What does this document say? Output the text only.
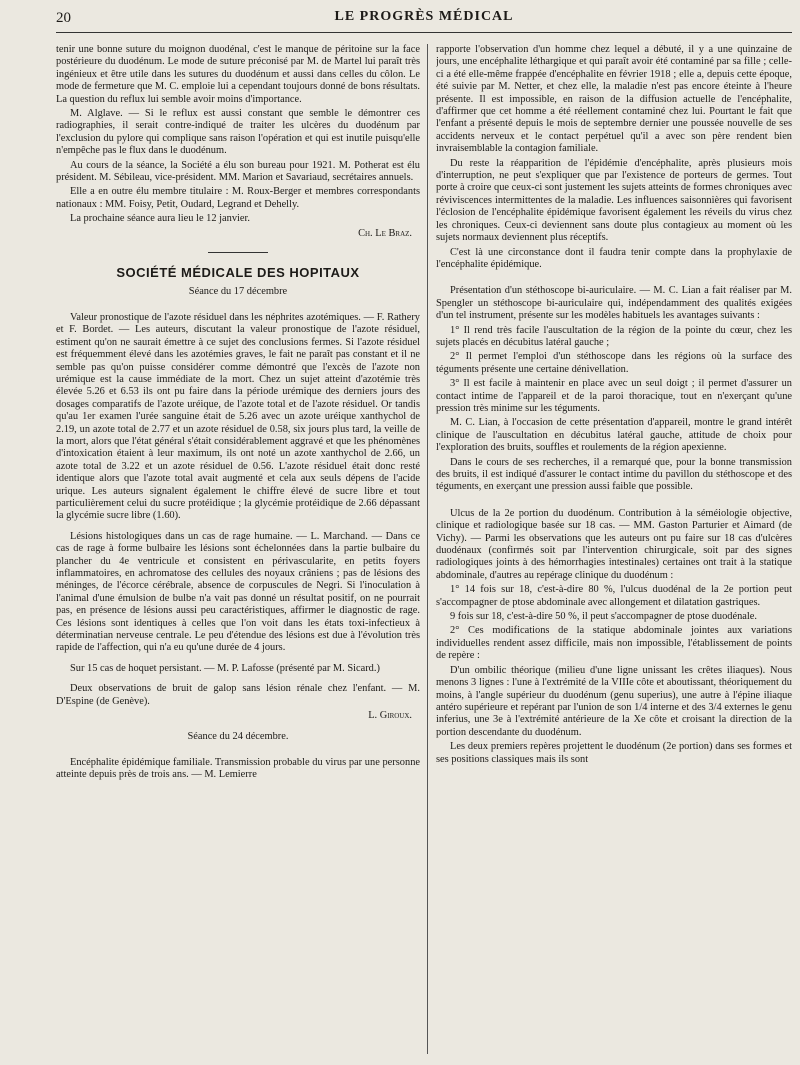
20	LE PROGRÈS MÉDICAL

tenir une bonne suture du moignon duodénal, c'est le manque de péritoine sur la face postérieure du duodénum. Le mode de suture préconisé par M. de Martel lui paraît très ingénieux et être utile dans les sutures du duodénum et aussi dans celles du côlon. Le mode de fermeture que M. C. emploie lui a cependant toujours donné de bons résultats. La question du reflux lui semble avoir moins d'importance.

M. Alglave. — Si le reflux est aussi constant que semble le démontrer ces radiographies, il serait contre-indiqué de traiter les ulcères du duodénum par l'exclusion du pylore qui complique sans raison l'opération et qui est inutile puisqu'elle n'empêche pas le flux dans le duodénum.

Au cours de la séance, la Société a élu son bureau pour 1921. M. Potherat est élu président. M. Sébileau, vice-président. MM. Marion et Savariaud, secrétaires annuels.

Elle a en outre élu membre titulaire : M. Roux-Berger et membres correspondants nationaux : MM. Foisy, Petit, Oudard, Legrand et Dehelly.

La prochaine séance aura lieu le 12 janvier.

Ch. Le Braz.
SOCIÉTÉ MÉDICALE DES HOPITAUX

Séance du 17 décembre

Valeur pronostique de l'azote résiduel dans les néphrites azotémiques. — F. Rathery et F. Bordet. — Les auteurs, discutant la valeur pronostique de l'azote résiduel, estiment qu'on ne saurait émettre à ce sujet des conclusions fermes. Si l'azote résiduel est fréquemment élevé dans les azotémies graves, le fait ne paraît pas constant et il ne semble pas qu'on puisse considérer comme démontré que l'excès de l'azote non urémique est la cause immédiate de la mort. Chez un sujet atteint d'azotémie très élevée 5.26 et 6.53 ils ont pu faire dans la période urémique des derniers jours des dosages comparatifs de l'azote uréique, de l'azote total et de l'azote résiduel. Or tandis qu'au 1er examen l'urée sanguine était de 5.26 avec un azote uréique xanthychol de 2.19, un azote total de 2.77 et un azote résiduel de 0.58, six jours plus tard, la veille de la mort, alors que l'état général s'était considérablement aggravé et que les phénomènes d'intoxication étaient à leur maximum, ils ont noté un azote xanthychol de 2.66, un azote total de 3.22 et un azote résiduel de 0.56. L'azote résiduel était donc resté identique alors que l'azote total avait augmenté et cela aux seuls dépens de l'acide urique. Les auteurs signalent également le chiffre élevé de sucre libre et tout particulièrement celui du sucre protéidique ; la glycémie protéidique de 2.66 dépassant la glycémie sucre libre (1.60).

Lésions histologiques dans un cas de rage humaine. — L. Marchand. — Dans ce cas de rage à forme bulbaire les lésions sont échelonnées dans la partie bulbaire du plancher du 4e ventricule et consistent en périvascularite, en petits foyers inflammatoires, en achromatose des cellules des noyaux crâniens ; pas de lésions des méninges, de l'écorce cérébrale, absence de corpuscules de Negri. Si l'inoculation à l'animal d'une émulsion de bulbe n'a vait pas donné un résultat positif, on ne pourrait pas, en présence de lésions aussi peu caractéristiques, affirmer le diagnostic de rage. Ces lésions sont identiques à celles que l'on voit dans les états toxi-infectieux à déterminatian nerveuse centrale. Le peu d'étendue des lésions est due à l'évolution très rapide de l'affection, qui n'a eu qu'une durée de 4 jours.

Sur 15 cas de hoquet persistant. — M. P. Lafosse (présenté par M. Sicard.)

Deux observations de bruit de galop sans lésion rénale chez l'enfant. — M. D'Espine (de Genève).

L. Giroux.

Séance du 24 décembre.

Encéphalite épidémique familiale. Transmission probable du virus par une personne atteinte depuis près de trois ans. — M. Lemierre

rapporte l'observation d'un homme chez lequel a débuté, il y a une quinzaine de jours, une encéphalite léthargique et qui paraît avoir été contaminé par sa fille ; celle-ci a été elle-même frappée d'encéphalite en février 1918 ; elle a, depuis cette époque, été suivie par M. Netter, et chez elle, la maladie n'est pas encore éteinte à l'heure présente. Il est impossible, en raison de la diffusion actuelle de l'encéphalite, d'affirmer que cet homme a été réellement contaminé chez lui. Pourtant le fait que l'enfant a présenté depuis le mois de septembre dernier une poussée nouvelle de ses accidents nerveux et le contact perpétuel qu'il a avec son père rendent bien invraisemblable la contagion familiale.

Du reste la réapparition de l'épidémie d'encéphalite, après plusieurs mois d'interruption, ne peut s'expliquer que par l'existence de porteurs de germes. Tout porte à croire que ceux-ci sont justement les sujets atteints de formes chroniques avec réviviscences intermittentes de la maladie. Les influences saisonnières qui favorisent l'éclosion de l'encéphalite épidémique favorisent également les réveils du virus chez les chroniques. Ceux-ci deviennent sans doute plus contagieux au moment où les sujets normaux deviennent plus réceptifs.

C'est là une circonstance dont il faudra tenir compte dans la prophylaxie de l'encéphalite épidémique.

Présentation d'un stéthoscope bi-auriculaire. — M. C. Lian a fait réaliser par M. Spengler un stéthoscope bi-auriculaire qui, indépendamment des qualités exigées d'un tel instrument, présente sur les modèles habituels les avantages suivants :

1° Il rend très facile l'auscultation de la région de la pointe du cœur, chez les sujets placés en décubitus latéral gauche ;

2° Il permet l'emploi d'un stéthoscope dans les régions où la surface des téguments présente une certaine dénivellation.

3° Il est facile à maintenir en place avec un seul doigt ; il permet d'assurer un contact intime de l'appareil et de la paroi thoracique, tout en n'exerçant qu'une pression très minime sur les téguments.

M. C. Lian, à l'occasion de cette présentation d'appareil, montre le grand intérêt clinique de l'auscultation en décubitus latéral gauche, attitude de choix pour l'exploration des bruits, souffles et roulements de la région apexienne.

Dans le cours de ses recherches, il a remarqué que, pour la bonne transmission des bruits, il est indiqué d'assurer le contact intime du pavillon du stéthoscope et des téguments, en exerçant une pression aussi faible que possible.

Ulcus de la 2e portion du duodénum. Contribution à la séméiologie objective, clinique et radiologique basée sur 18 cas. — MM. Gaston Parturier et Aimard (de Vichy). — Parmi les observations que les auteurs ont pu faire sur 18 cas d'ulcères duodénaux (confirmés soit par l'intervention chirurgicale, soit par des signes radiologiques joints à des hémorrhagies intestinales) certaines ont trait à la statique abdominale, d'autres au repérage clinique du duodénum :

1° 14 fois sur 18, c'est-à-dire 80 %, l'ulcus duodénal de la 2e portion peut s'accompagner de ptose abdominale avec allongement et dilatation gastriques.

9 fois sur 18, c'est-à-dire 50 %, il peut s'accompagner de ptose duodénale.

2° Ces modifications de la statique abdominale jointes aux variations individuelles rendent assez difficile, mais non impossible, l'établissement de points de repère :

D'un ombilic théorique (milieu d'une ligne unissant les crêtes iliaques). Nous menons 3 lignes : l'une à l'extrémité de la VIIIe côte et aboutissant, théoriquement du moins, à l'angle supérieur du duodénum (genu superius), une autre à l'épine iliaque antéro supérieure et repérant par l'union de son 1/4 interne et des 3/4 externes le genu inferius, une 3e à l'extrémité antérieure de la Xe côte et croisant la direction de la portion descendante du duodénum.

Les deux premiers repères projettent le duodénum (2e portion) dans ses formes et ses positions classiques mais ils sont
